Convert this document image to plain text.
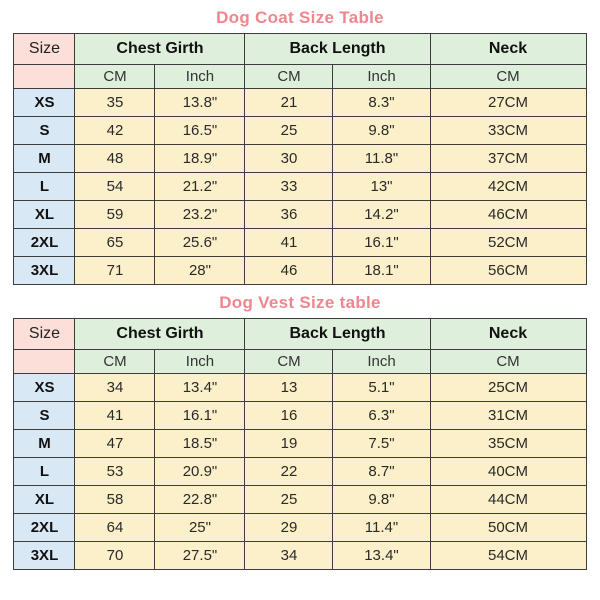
Dog Coat Size Table
Size	Chest Girth		Back Length		Neck
	CM	Inch	CM	Inch	CM
XS	35	13.8"	21	8.3"	27CM
S	42	16.5"	25	9.8"	33CM
M	48	18.9"	30	11.8"	37CM
L	54	21.2"	33	13"	42CM
XL	59	23.2"	36	14.2"	46CM
2XL	65	25.6"	41	16.1"	52CM
3XL	71	28"	46	18.1"	56CM
Dog Vest Size table
Size	Chest Girth		Back Length		Neck
	CM	Inch	CM	Inch	CM
XS	34	13.4"	13	5.1"	25CM
S	41	16.1"	16	6.3"	31CM
M	47	18.5"	19	7.5"	35CM
L	53	20.9"	22	8.7"	40CM
XL	58	22.8"	25	9.8"	44CM
2XL	64	25"	29	11.4"	50CM
3XL	70	27.5"	34	13.4"	54CM
